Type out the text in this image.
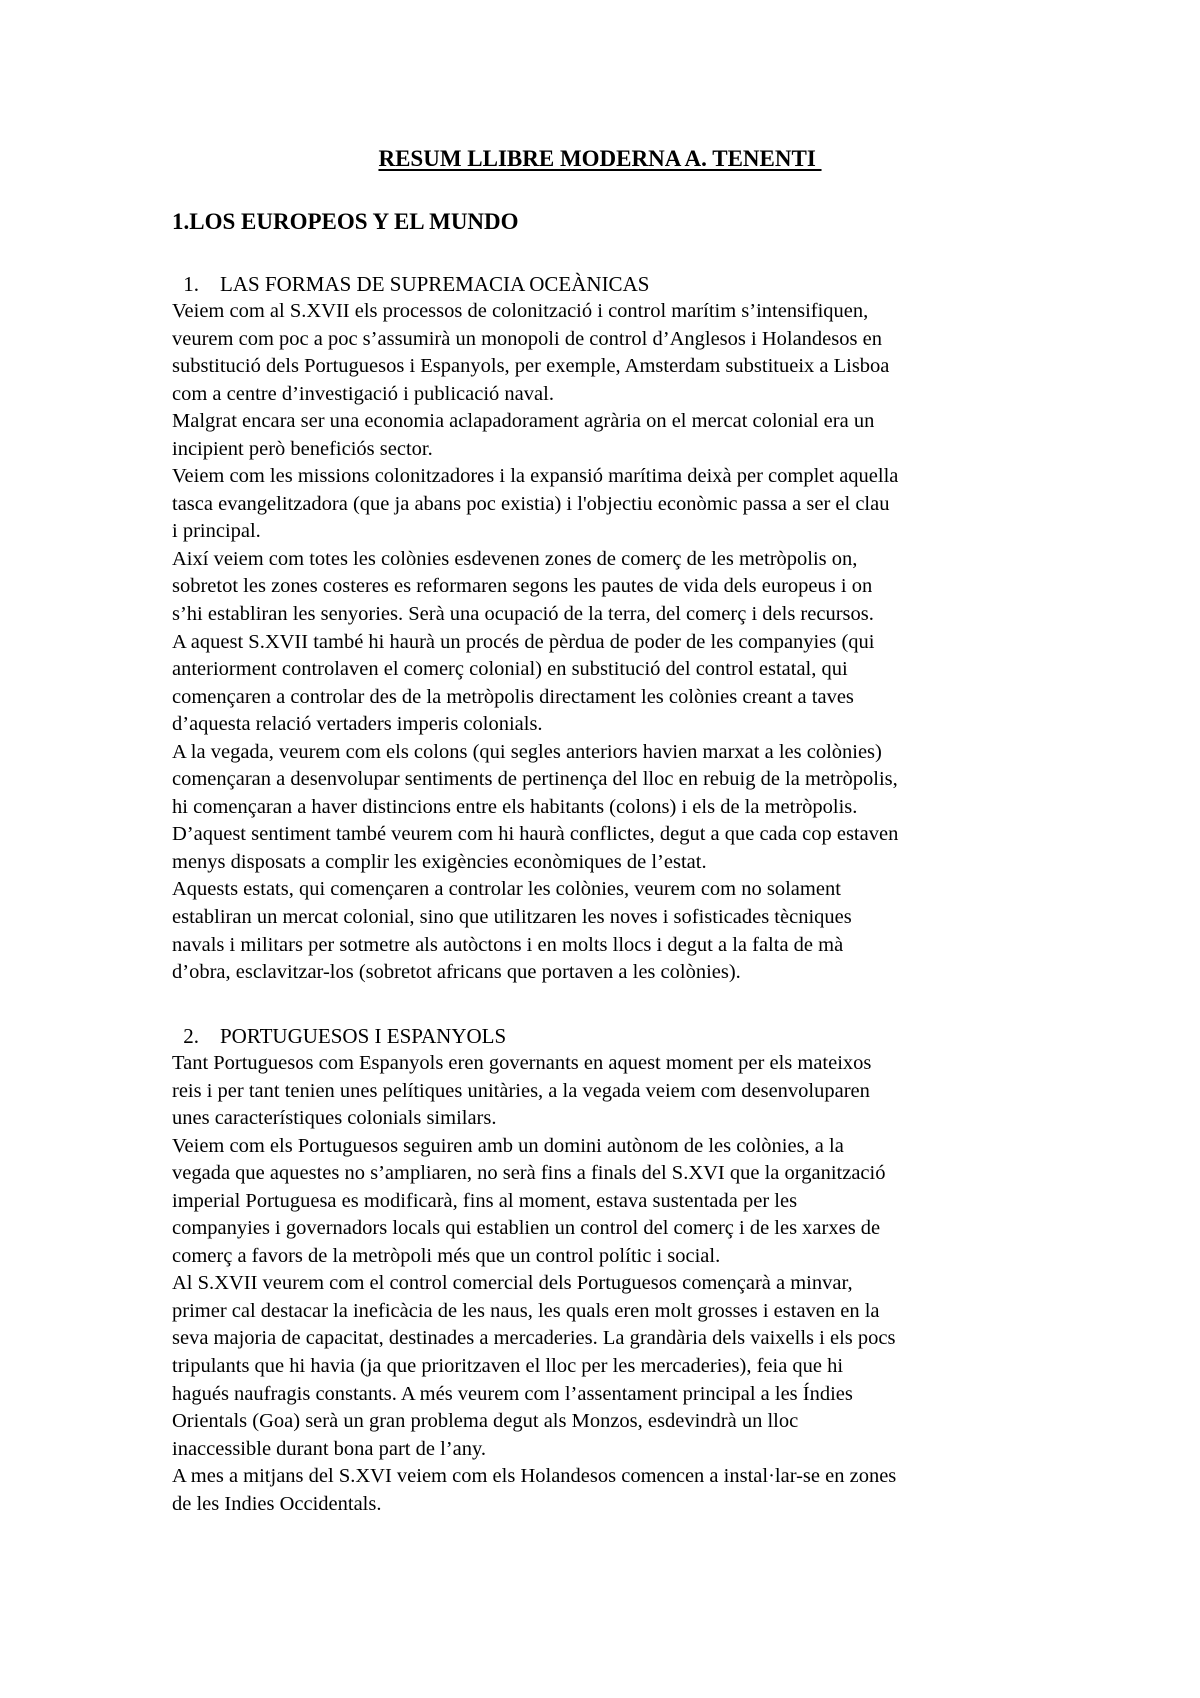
RESUM LLIBRE MODERNA A. TENENTI
1.LOS EUROPEOS Y EL MUNDO
1. LAS FORMAS DE SUPREMACIA OCEÀNICAS
Veiem com al S.XVII els processos de colonització i control marítim s’intensifiquen,
veurem com poc a poc s’assumirà un monopoli de control d’Anglesos i Holandesos en
substitució dels Portuguesos i Espanyols, per exemple, Amsterdam substitueix a Lisboa
com a centre d’investigació i publicació naval.
Malgrat encara ser una economia aclapadorament agrària on el mercat colonial era un
incipient però beneficiós sector.
Veiem com les missions colonitzadores i la expansió marítima deixà per complet aquella
tasca evangelitzadora (que ja abans poc existia) i l'objectiu econòmic passa a ser el clau
i principal.
Així veiem com totes les colònies esdevenen zones de comerç de les metròpolis on,
sobretot les zones costeres es reformaren segons les pautes de vida dels europeus i on
s’hi establiran les senyories. Serà una ocupació de la terra, del comerç i dels recursos.
A aquest S.XVII també hi haurà un procés de pèrdua de poder de les companyies (qui
anteriorment controlaven el comerç colonial) en substitució del control estatal, qui
començaren a controlar des de la metròpolis directament les colònies creant a taves
d’aquesta relació vertaders imperis colonials.
A la vegada, veurem com els colons (qui segles anteriors havien marxat a les colònies)
començaran a desenvolupar sentiments de pertinença del lloc en rebuig de la metròpolis,
hi començaran a haver distincions entre els habitants (colons) i els de la metròpolis.
D’aquest sentiment també veurem com hi haurà conflictes, degut a que cada cop estaven
menys disposats a complir les exigències econòmiques de l’estat.
Aquests estats, qui començaren a controlar les colònies, veurem com no solament
establiran un mercat colonial, sino que utilitzaren les noves i sofisticades tècniques
navals i militars per sotmetre als autòctons i en molts llocs i degut a la falta de mà
d’obra, esclavitzar-los (sobretot africans que portaven a les colònies).
2. PORTUGUESOS I ESPANYOLS
Tant Portuguesos com Espanyols eren governants en aquest moment per els mateixos
reis i per tant tenien unes pelítiques unitàries, a la vegada veiem com desenvoluparen
unes característiques colonials similars.
Veiem com els Portuguesos seguiren amb un domini autònom de les colònies, a la
vegada que aquestes no s’ampliaren, no serà fins a finals del S.XVI que la organització
imperial Portuguesa es modificarà, fins al moment, estava sustentada per les
companyies i governadors locals qui establien un control del comerç i de les xarxes de
comerç a favors de la metròpoli més que un control polític i social.
Al S.XVII veurem com el control comercial dels Portuguesos començarà a minvar,
primer cal destacar la ineficàcia de les naus, les quals eren molt grosses i estaven en la
seva majoria de capacitat, destinades a mercaderies. La grandària dels vaixells i els pocs
tripulants que hi havia (ja que prioritzaven el lloc per les mercaderies), feia que hi
hagués naufragis constants. A més veurem com l’assentament principal a les Índies
Orientals (Goa) serà un gran problema degut als Monzos, esdevindrà un lloc
inaccessible durant bona part de l’any.
A mes a mitjans del S.XVI veiem com els Holandesos comencen a instal·lar-se en zones
de les Indies Occidentals.
